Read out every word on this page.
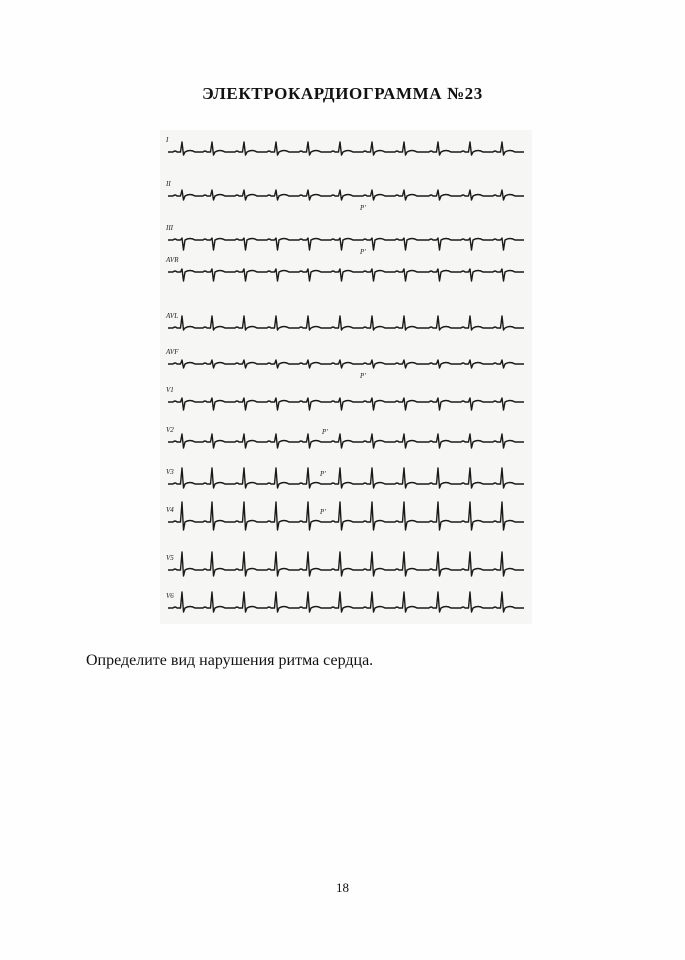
ЭЛЕКТРОКАРДИОГРАММА №23
I
II
III
AVR
AVL
AVF
V1
V2
V3
V4
V5
V6
P'
P'
P'
P'
P'
P'
Определите вид нарушения ритма сердца.
18
